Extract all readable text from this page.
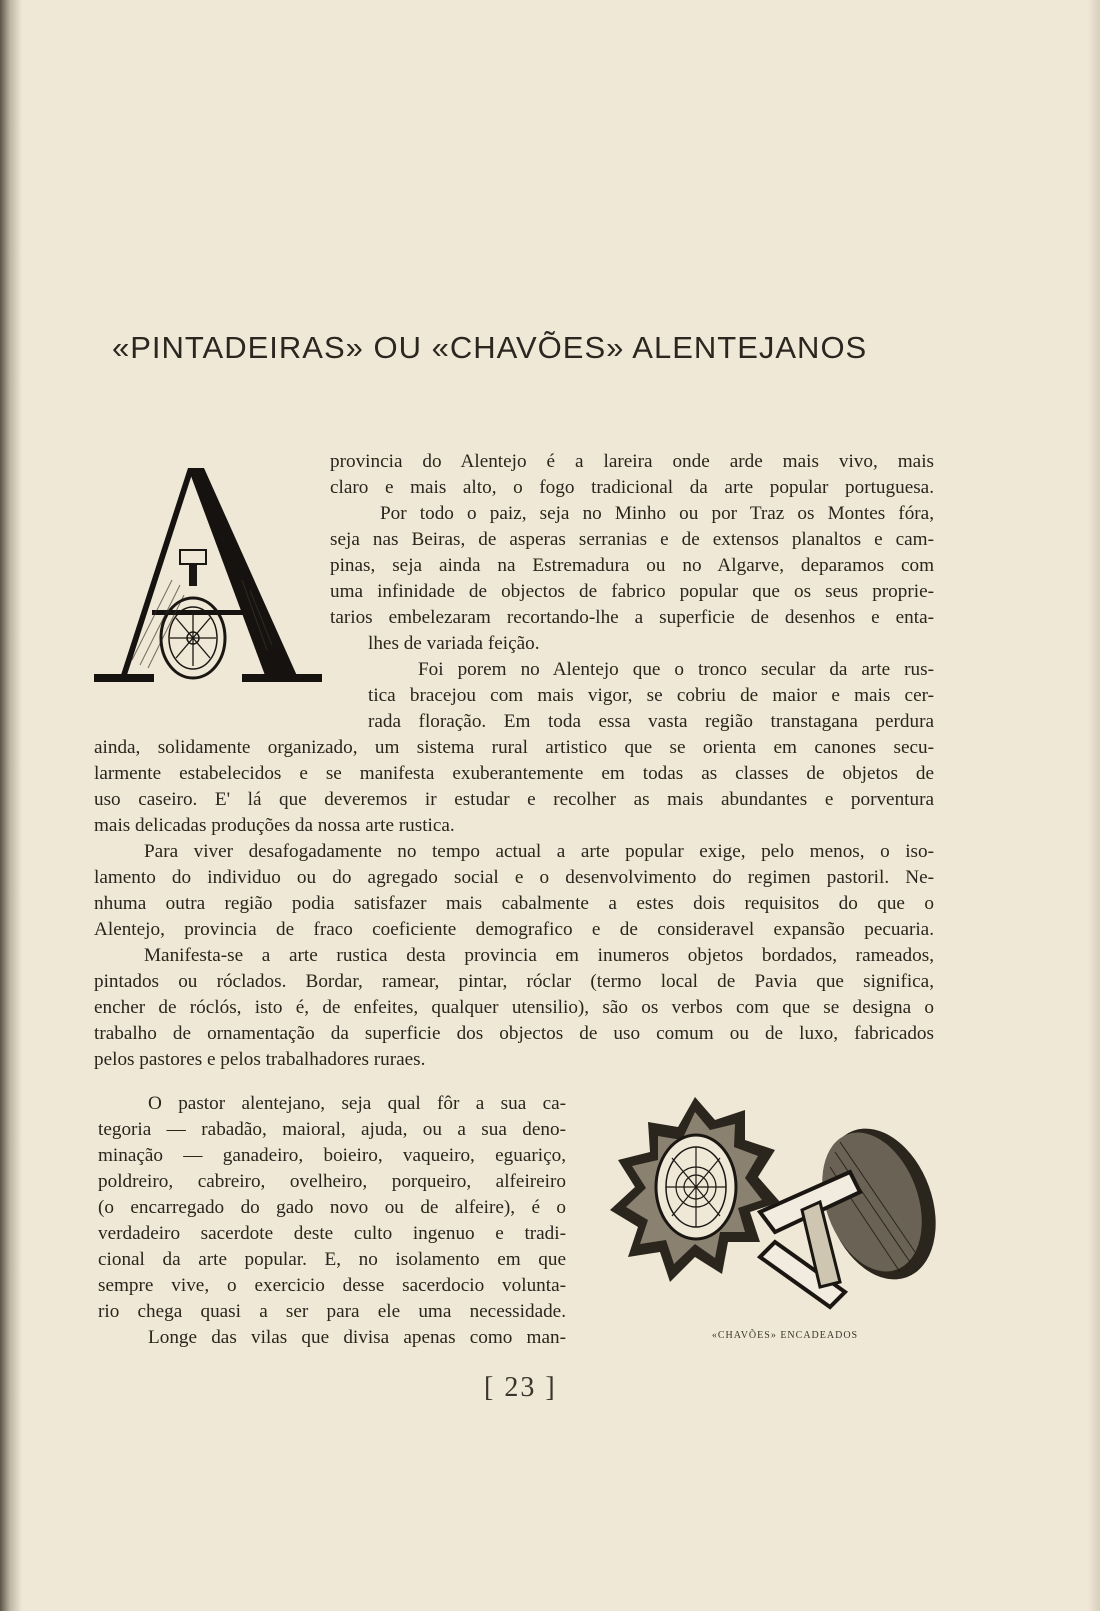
«PINTADEIRAS» OU «CHAVÕES» ALENTEJANOS
provincia do Alentejo é a lareira onde arde mais vivo, mais
claro e mais alto, o fogo tradicional da arte popular portuguesa.
Por todo o paiz, seja no Minho ou por Traz os Montes fóra,
seja nas Beiras, de asperas serranias e de extensos planaltos e cam-
pinas, seja ainda na Estremadura ou no Algarve, deparamos com
uma infinidade de objectos de fabrico popular que os seus proprie-
tarios embelezaram recortando-lhe a superficie de desenhos e enta-
lhes de variada feição.
Foi porem no Alentejo que o tronco secular da arte rus-
tica bracejou com mais vigor, se cobriu de maior e mais cer-
rada floração. Em toda essa vasta região transtagana perdura
ainda, solidamente organizado, um sistema rural artistico que se orienta em canones secu-
larmente estabelecidos e se manifesta exuberantemente em todas as classes de objetos de
uso caseiro. E' lá que deveremos ir estudar e recolher as mais abundantes e porventura
mais delicadas produções da nossa arte rustica.
Para viver desafogadamente no tempo actual a arte popular exige, pelo menos, o iso-
lamento do individuo ou do agregado social e o desenvolvimento do regimen pastoril. Ne-
nhuma outra região podia satisfazer mais cabalmente a estes dois requisitos do que o
Alentejo, provincia de fraco coeficiente demografico e de consideravel expansão pecuaria.
Manifesta-se a arte rustica desta provincia em inumeros objetos bordados, rameados,
pintados ou róclados. Bordar, ramear, pintar, róclar (termo local de Pavia que significa,
encher de róclós, isto é, de enfeites, qualquer utensilio), são os verbos com que se designa o
trabalho de ornamentação da superficie dos objectos de uso comum ou de luxo, fabricados
pelos pastores e pelos trabalhadores ruraes.
O pastor alentejano, seja qual fôr a sua ca-
tegoria — rabadão, maioral, ajuda, ou a sua deno-
minação — ganadeiro, boieiro, vaqueiro, eguariço,
poldreiro, cabreiro, ovelheiro, porqueiro, alfeireiro
(o encarregado do gado novo ou de alfeire), é o
verdadeiro sacerdote deste culto ingenuo e tradi-
cional da arte popular. E, no isolamento em que
sempre vive, o exercicio desse sacerdocio volunta-
rio chega quasi a ser para ele uma necessidade.
Longe das vilas que divisa apenas como man-	«CHAVÕES» ENCADEADOS
[ 23 ]
